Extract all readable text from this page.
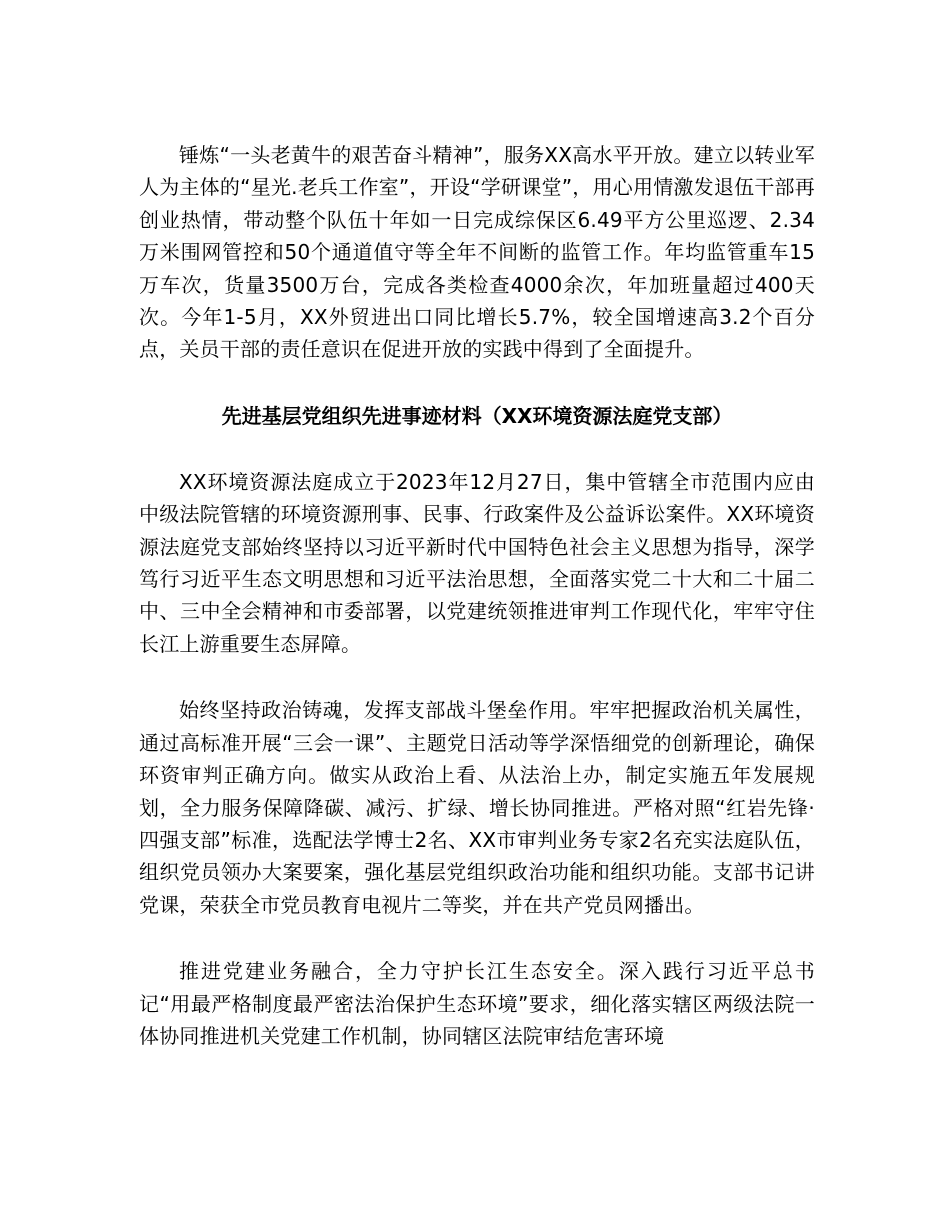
锤炼“一头老黄牛的艰苦奋斗精神”，服务XX高水平开放。建立以转业军人为主体的“星光.老兵工作室”，开设“学研课堂”，用心用情激发退伍干部再创业热情，带动整个队伍十年如一日完成综保区6.49平方公里巡逻、2.34万米围网管控和50个通道值守等全年不间断的监管工作。年均监管重车15万车次，货量3500万台，完成各类检查4000余次，年加班量超过400天次。今年1-5月，XX外贸进出口同比增长5.7%，较全国增速高3.2个百分点，关员干部的责任意识在促进开放的实践中得到了全面提升。

先进基层党组织先进事迹材料（XX环境资源法庭党支部）

XX环境资源法庭成立于2023年12月27日，集中管辖全市范围内应由中级法院管辖的环境资源刑事、民事、行政案件及公益诉讼案件。XX环境资源法庭党支部始终坚持以习近平新时代中国特色社会主义思想为指导，深学笃行习近平生态文明思想和习近平法治思想，全面落实党二十大和二十届二中、三中全会精神和市委部署，以党建统领推进审判工作现代化，牢牢守住长江上游重要生态屏障。

始终坚持政治铸魂，发挥支部战斗堡垒作用。牢牢把握政治机关属性，通过高标准开展“三会一课”、主题党日活动等学深悟细党的创新理论，确保环资审判正确方向。做实从政治上看、从法治上办，制定实施五年发展规划，全力服务保障降碳、减污、扩绿、增长协同推进。严格对照“红岩先锋·四强支部”标准，选配法学博士2名、XX市审判业务专家2名充实法庭队伍，组织党员领办大案要案，强化基层党组织政治功能和组织功能。支部书记讲党课，荣获全市党员教育电视片二等奖，并在共产党员网播出。

推进党建业务融合，全力守护长江生态安全。深入践行习近平总书记“用最严格制度最严密法治保护生态环境”要求，细化落实辖区两级法院一体协同推进机关党建工作机制，协同辖区法院审结危害环境
